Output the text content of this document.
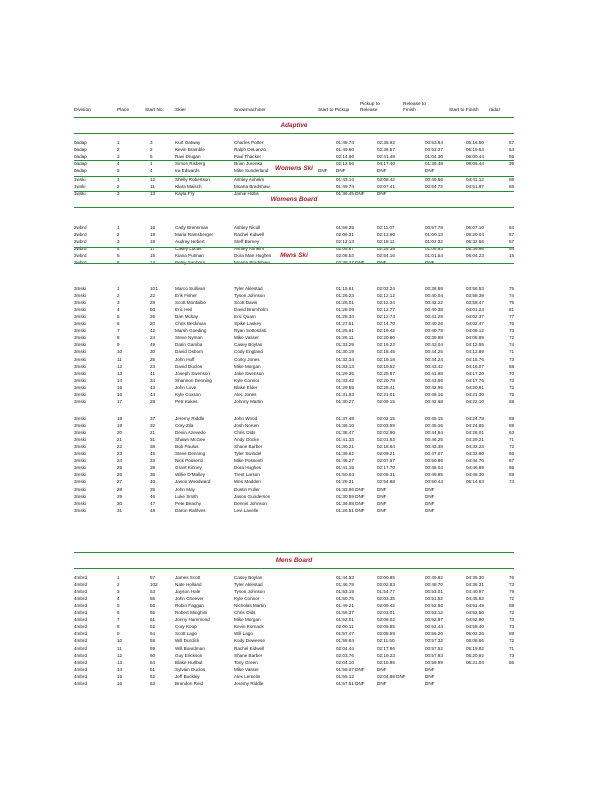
Division	Place	Start No. Skier	Snowmachiner	Start to Pickup
Pickup to
Release
Release to
Finish	Start to Finish radar
Adaptive
0adap	1	3	Kurt Oatway	Charles Potter	01:48.74	02:35.92	00:53.84	05:16.50	57
0adap	2	2	Kevin Bramble	Ralph DeLanzo	01:49.60	02:36.57	00:53.37	05:19.54	64
0adap	3	5	Ravi Drugan	Paul Thacker	02:14.66	02:41.48	01:04.30	06:00.44	55
0adap	4	1	Simon Risberg	Brian Jurenka	02:12.56	04:17.40	01:36.48	08:06.44	39
0adap	5	4	Ira Edwards	Mike Sunderland	DNF DNF	DNF	DNF
Womens Ski
1wski	1	12	Shelly Robertson	Ashley Axhelm	01:43.14	02:08.42	00:49.56	04:41.12	68
1wski	2	11	Klara Maisch	Moana Bradshaw	01:49.74	02:07.41	00:54.72	04:51.87	68
1wski	3	13	Kayla Fry	Jamie Hollis	01:36.45 DNF	DNF
Womens Board
2wbrd	1	16	Carly Brennman	Ashley Nicoll	01:58.25	02:11.07	00:57.78	05:07.10	64
2wbrd	2	19	Maria Ramsberger	Rachel Kidwell	02:06.31	02:13.60	01:00.13	05:20.04	67
2wbrd	3	18	Audrey Hebert	Steff Barney	02:12.13	02:18.11	01:02.32	05:32.56	57
2wbrd	4	17	Casey Lucas	Ashley Axhelm	02:05.67	02:25.38	01:05.93	05:36.98	54
2wbrd	5	15	Kiana Putman	Dora Mae Hughes	02:08.53	02:54.16	01:01.54	06:04.23	15
2wbrd	6	14	Betsy Sanborn	Moana Bradshaw	02:38.27 DNF	DNF	DNF
Mens Ski
3mski	1	101	Marco Sullivan	Tyler Aklestad	01:15.61	02:02.24	00:38.68	03:56.53	75
3mski	2	22	Erik Fisher	Tyson Johnson	01:26.23	02:12.12	00:40.04	03:58.39	74
3mski	3	29	Scott Montalbo	Scott Davis	01:26.01	02:12.24	00:42.22	03:58.47	75
3mski	4	50	Eric Heil	David Bramholm	01:28.09	02:12.77	00:40.38	04:01.24	81
3mski	5	26	Dan Mckay	Eric Quam	01:28.34	02:12.74	00:41.29	04:02.37	77
3mski	6	20	Chris Beckman	Spike Laskey	01:27.51	02:14.70	00:40.26	04:02.47	76
3mski	7	42	Marsh Goeding	Ryan Sottosanti	01:25.91	02:19.42	00:40.79	04:06.12	73
3mski	8	24	Steve Nyman	Mike Vasser	01:26.11	02:20.80	00:39.98	04:06.89	72
3mski	9	49	Darin Gamba	Casey Boylan	01:33.29	02:16.22	00:43.04	04:12.55	74
3mski	10	30	David Osborn	Cody England	01:30.19	02:18.45	00:44.25	04:12.89	71
3mski	11	25	John Huff	Corky Jones	01:32.34	02:19.18	00:44.24	04:15.76	73
3mski	12	23	David Duclos	Mike Morgan	01:33.13	02:19.52	00:43.42	04:16.07	68
3mski	13	41	Joseph Swenson	Jake Swenson	01:29.35	02:25.87	00:41.98	04:17.20	70
3mski	14	34	Shannon Denning	Kyle Connor	01:33.42	02:20.78	00:43.56	04:17.76	73
3mski	15	43	John Love	Blake Elder	01:29.55	02:28.41	00:42.95	04:20.91	72
3mski	16	44	Kyle Coxson	Alec Jones	01:31.93	02:21.01	00:48.16	04:21.30	75
3mski	17	28	Petr Kakes	Johnny Martin	01:30.27	02:09.15	00:42.68	04:22.10	69
3mski	18	37	Jeremy Riddle	John Wood	01:37.48	02:02.15	00:45.15	04:24.78	69
3mski	19	32	Cory Zila	Josh Norum	01:36.10	02:03.59	00:45.16	04:24.85	69
3mski	20	21	Devin Azevedo	Chris Olds	01:38.47	02:02.60	00:44.94	04:26.01	63
3mski	21	31	Shawn McGee	Andy Gocke	01:41.33	02:01.63	00:46.25	04:29.21	71
3mski	22	38	Bob Paulus	Shane Barber	01:30.21	02:18.64	00:43.38	04:32.23	72
3mski	23	45	Steve Denning	Tyler Swindel	01:36.62	02:09.21	00:47.07	04:32.90	66
3mski	24	33	Nick Possenti	Mike Possenti	01:46.27	02:07.57	00:50.86	04:44.70	67
3mski	25	39	Grant Kinney	Dora Hughes	01:41.15	02:17.70	00:48.04	04:46.89	65
3mski	26	36	Willie O'Malley	Trent Larson	01:50.04	02:08.31	00:49.95	04:48.30	69
3mski	27	40	Jason Woodward	Wes Madden	01:29.31	02:54.88	00:50.44	05:14.63	74
3mski	28	35	John May	Dustin Fuller	01:33.96 DNF	DNF	DNF
3mski	29	46	Luke Smith	Jason Gunderson	01:30.59 DNF	DNF	DNF
3mski	30	47	Pete Beachy	Dennis Johnson	01:36.88 DNF	DNF	DNF
3mski	31	48	Daron Rahlves	Levi Lavelle	01:26.51 DNF	DNF	DNF
Mens Board
4mbrd	1	57	James Scott	Casey Boylan	01:44.53	02:00.85	00:49.92	04:35.30	76
4mbrd	2	102	Nate Holland	Tyler Aklestad	01:46.78	02:02.83	00:48.70	04:38.31	73
4mbrd	3	53	Jayson Hale	Tyson Johnson	01:53.19	01:54.77	00:53.01	04:40.97	79
4mbrd	4	55	John Cheever	Kyle Connor	01:50.75	02:03.35	00:51.52	04:45.62	72
4mbrd	5	56	Robin Faggan	Nicholas Martin	01:49.21	02:09.42	00:52.86	04:51.49	68
4mbrd	6	65	Robert Minghini	Chris Olds	01:56.37	02:03.01	00:53.12	04:52.50	72
4mbrd	7	61	Jonny Hammond	Mike Morgan	01:52.01	02:08.02	00:52.87	04:52.90	73
4mbrd	8	52	Cory Koop	Kevin Kornack	02:00.11	02:05.85	00:52.44	04:58.40	73
4mbrd	9	64	Scott Lago	Will Lago	01:57.47	02:08.59	00:56.20	05:02.26	69
4mbrd	10	58	Will Durdick	Kody Deweese	01:59.84	02:11.50	00:57.32	05:08.66	72
4mbrd	11	59	Will Boardman	Rachel Kidwell	02:04.44	02:17.86	00:57.52	05:19.82	71
4mbrd	12	60	Guy Erickson	Shane Barber	02:03.76	02:19.23	00:57.93	05:20.92	73
4mbrd	13	54	Blake Hurlbut	Tony Green	02:04.10	02:16.95	00:59.99	05:21.04	66
4mbrd	14	51	Sylvain Duclos	Mike Vasser	01:58.07 DNF	DNF	DNF
4mbrd	15	62	Jeff Buckley	Alex Lemelin	01:55.12	02:04.88 DNF	DNF
4mbrd	16	63	Brandon Reid	Jeremy Riddle	01:57.51 DNF	DNF	DNF
